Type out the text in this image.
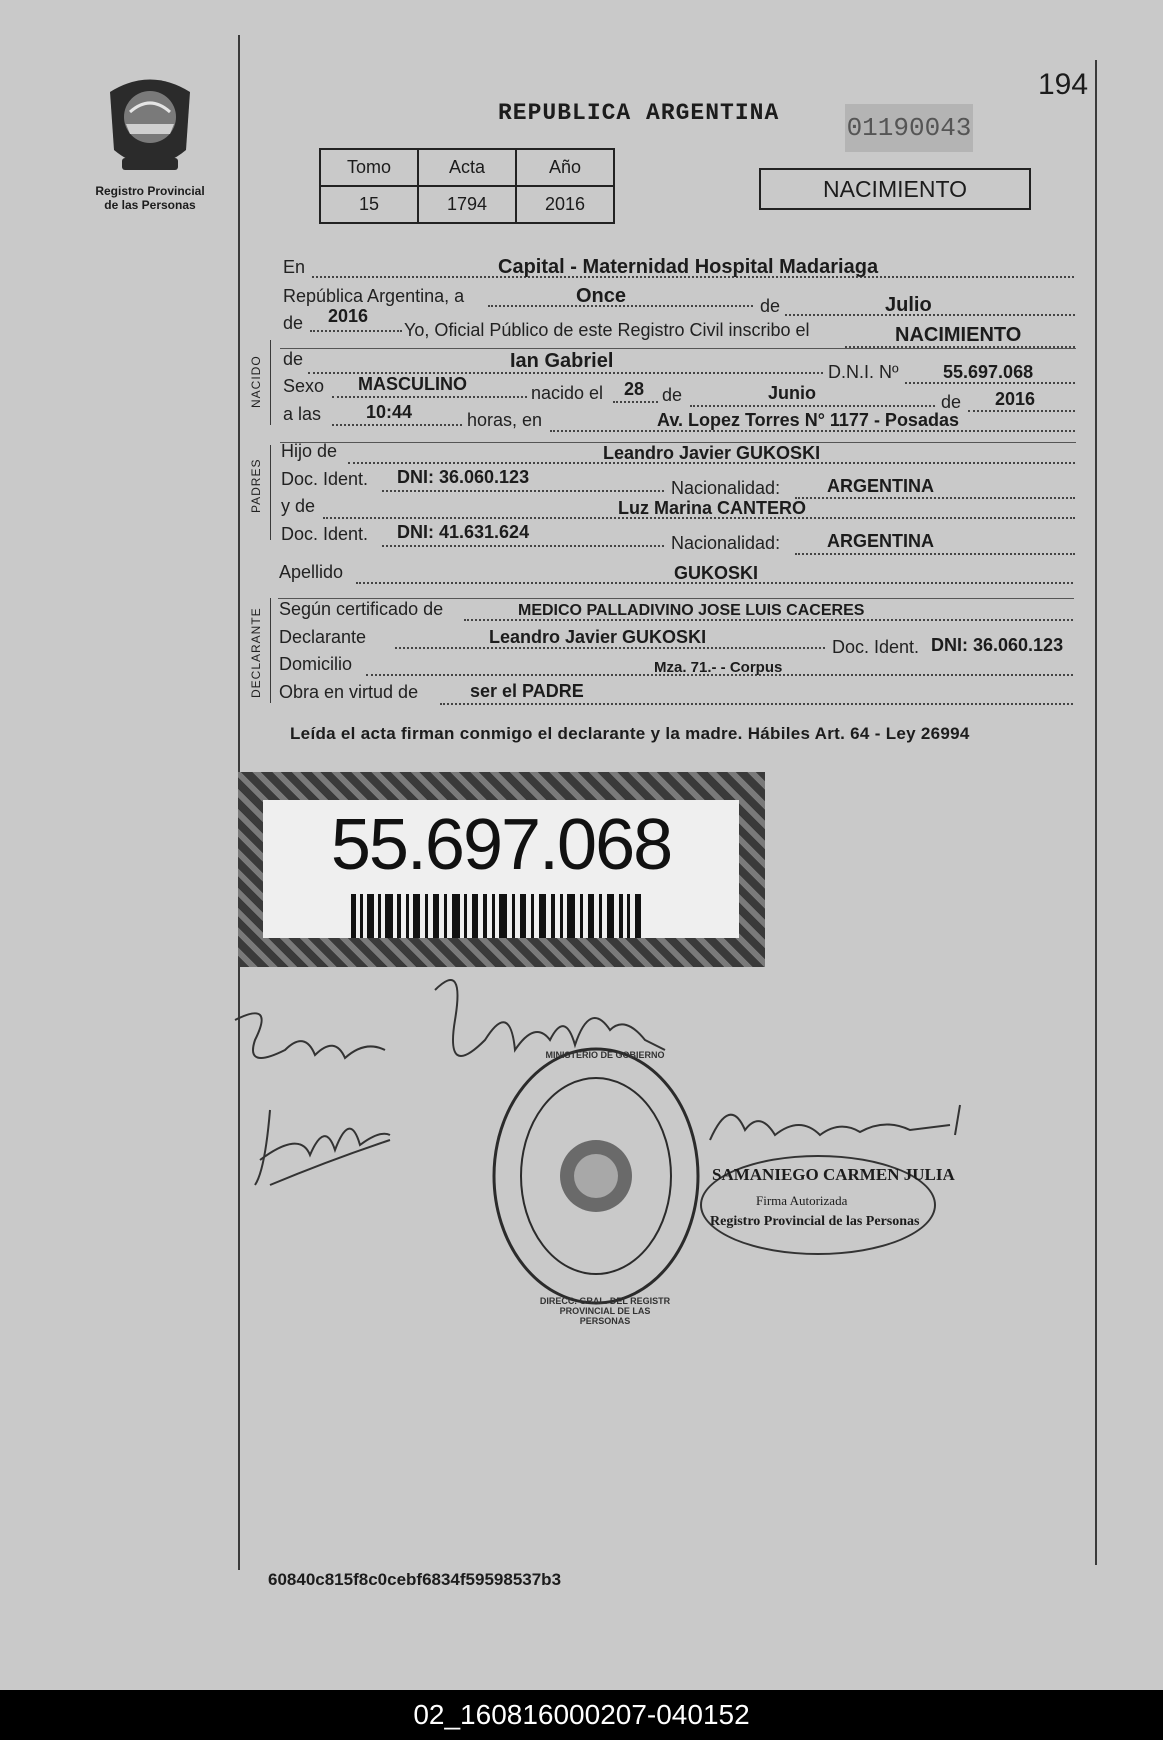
194
Registro Provincial
de las Personas
REPUBLICA ARGENTINA	01190043
Tomo	Acta	Año
15	1794	2016
NACIMIENTO
NACIDO
PADRES
DECLARANTE
En	Capital - Maternidad Hospital Madariaga
República Argentina, a	Once	de	Julio
de 2016
Yo, Oficial Público de este Registro Civil inscribo el	NACIMIENTO
de	Ian Gabriel	D.N.I. Nº 55.697.068
Sexo MASCULINO	nacido el 28 de	Junio	de 2016
a las 10:44	horas, en	Av. Lopez Torres N° 1177 - Posadas
Hijo de	Leandro Javier GUKOSKI
Doc. Ident. DNI: 36.060.123
Nacionalidad:	ARGENTINA
y de	Luz Marina CANTERO
Doc. Ident. DNI: 41.631.624
Nacionalidad:	ARGENTINA
Apellido	GUKOSKI
Según certificado de	MEDICO PALLADIVINO JOSE LUIS CACERES
Declarante	Leandro Javier GUKOSKI	Doc. Ident. DNI: 36.060.123
Domicilio	Mza. 71.- - Corpus
Obra en virtud de	ser el PADRE
Leída el acta firman conmigo el declarante y la madre. Hábiles Art. 64 - Ley 26994
55.697.068
DIRECC. GRAL. DEL REGISTR PROVINCIAL DE LAS PERSONAS
MINISTERIO DE GOBIERNO
SAMANIEGO CARMEN JULIA
Firma Autorizada
Registro Provincial de las Personas
60840c815f8c0cebf6834f59598537b3
02_160816000207-040152
